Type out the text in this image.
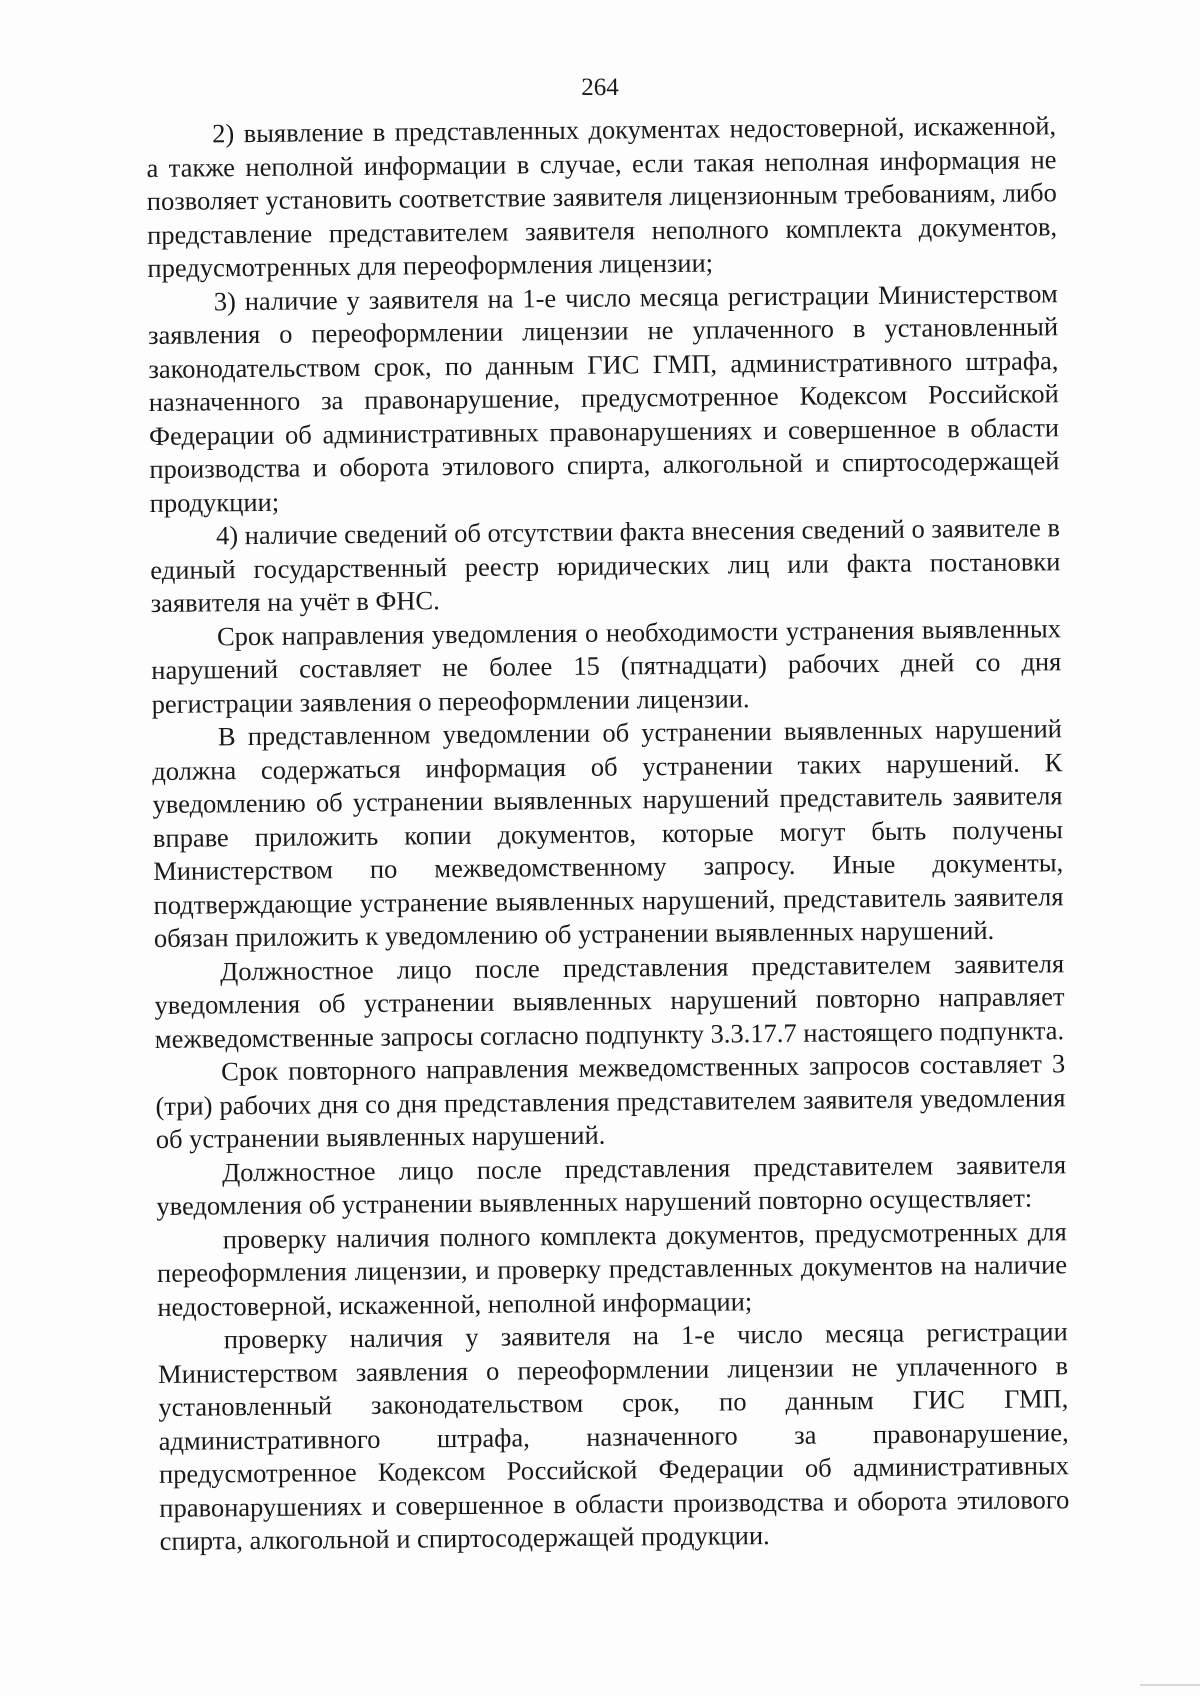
264

2) выявление в представленных документах недостоверной, искаженной, а также неполной информации в случае, если такая неполная информация не позволяет установить соответствие заявителя лицензионным требованиям, либо представление представителем заявителя неполного комплекта документов, предусмотренных для переоформления лицензии;

3) наличие у заявителя на 1-е число месяца регистрации Министерством заявления о переоформлении лицензии не уплаченного в установленный законодательством срок, по данным ГИС ГМП, административного штрафа, назначенного за правонарушение, предусмотренное Кодексом Российской Федерации об административных правонарушениях и совершенное в области производства и оборота этилового спирта, алкогольной и спиртосодержащей продукции;

4) наличие сведений об отсутствии факта внесения сведений о заявителе в единый государственный реестр юридических лиц или факта постановки заявителя на учёт в ФНС.

Срок направления уведомления о необходимости устранения выявленных нарушений составляет не более 15 (пятнадцати) рабочих дней со дня регистрации заявления о переоформлении лицензии.

В представленном уведомлении об устранении выявленных нарушений должна содержаться информация об устранении таких нарушений. К уведомлению об устранении выявленных нарушений представитель заявителя вправе приложить копии документов, которые могут быть получены Министерством по межведомственному запросу. Иные документы, подтверждающие устранение выявленных нарушений, представитель заявителя обязан приложить к уведомлению об устранении выявленных нарушений.

Должностное лицо после представления представителем заявителя уведомления об устранении выявленных нарушений повторно направляет межведомственные запросы согласно подпункту 3.3.17.7 настоящего подпункта.

Срок повторного направления межведомственных запросов составляет 3 (три) рабочих дня со дня представления представителем заявителя уведомления об устранении выявленных нарушений.

Должностное лицо после представления представителем заявителя уведомления об устранении выявленных нарушений повторно осуществляет:

проверку наличия полного комплекта документов, предусмотренных для переоформления лицензии, и проверку представленных документов на наличие недостоверной, искаженной, неполной информации;

проверку наличия у заявителя на 1-е число месяца регистрации Министерством заявления о переоформлении лицензии не уплаченного в установленный законодательством срок, по данным ГИС ГМП, административного штрафа, назначенного за правонарушение, предусмотренное Кодексом Российской Федерации об административных правонарушениях и совершенное в области производства и оборота этилового спирта, алкогольной и спиртосодержащей продукции.
